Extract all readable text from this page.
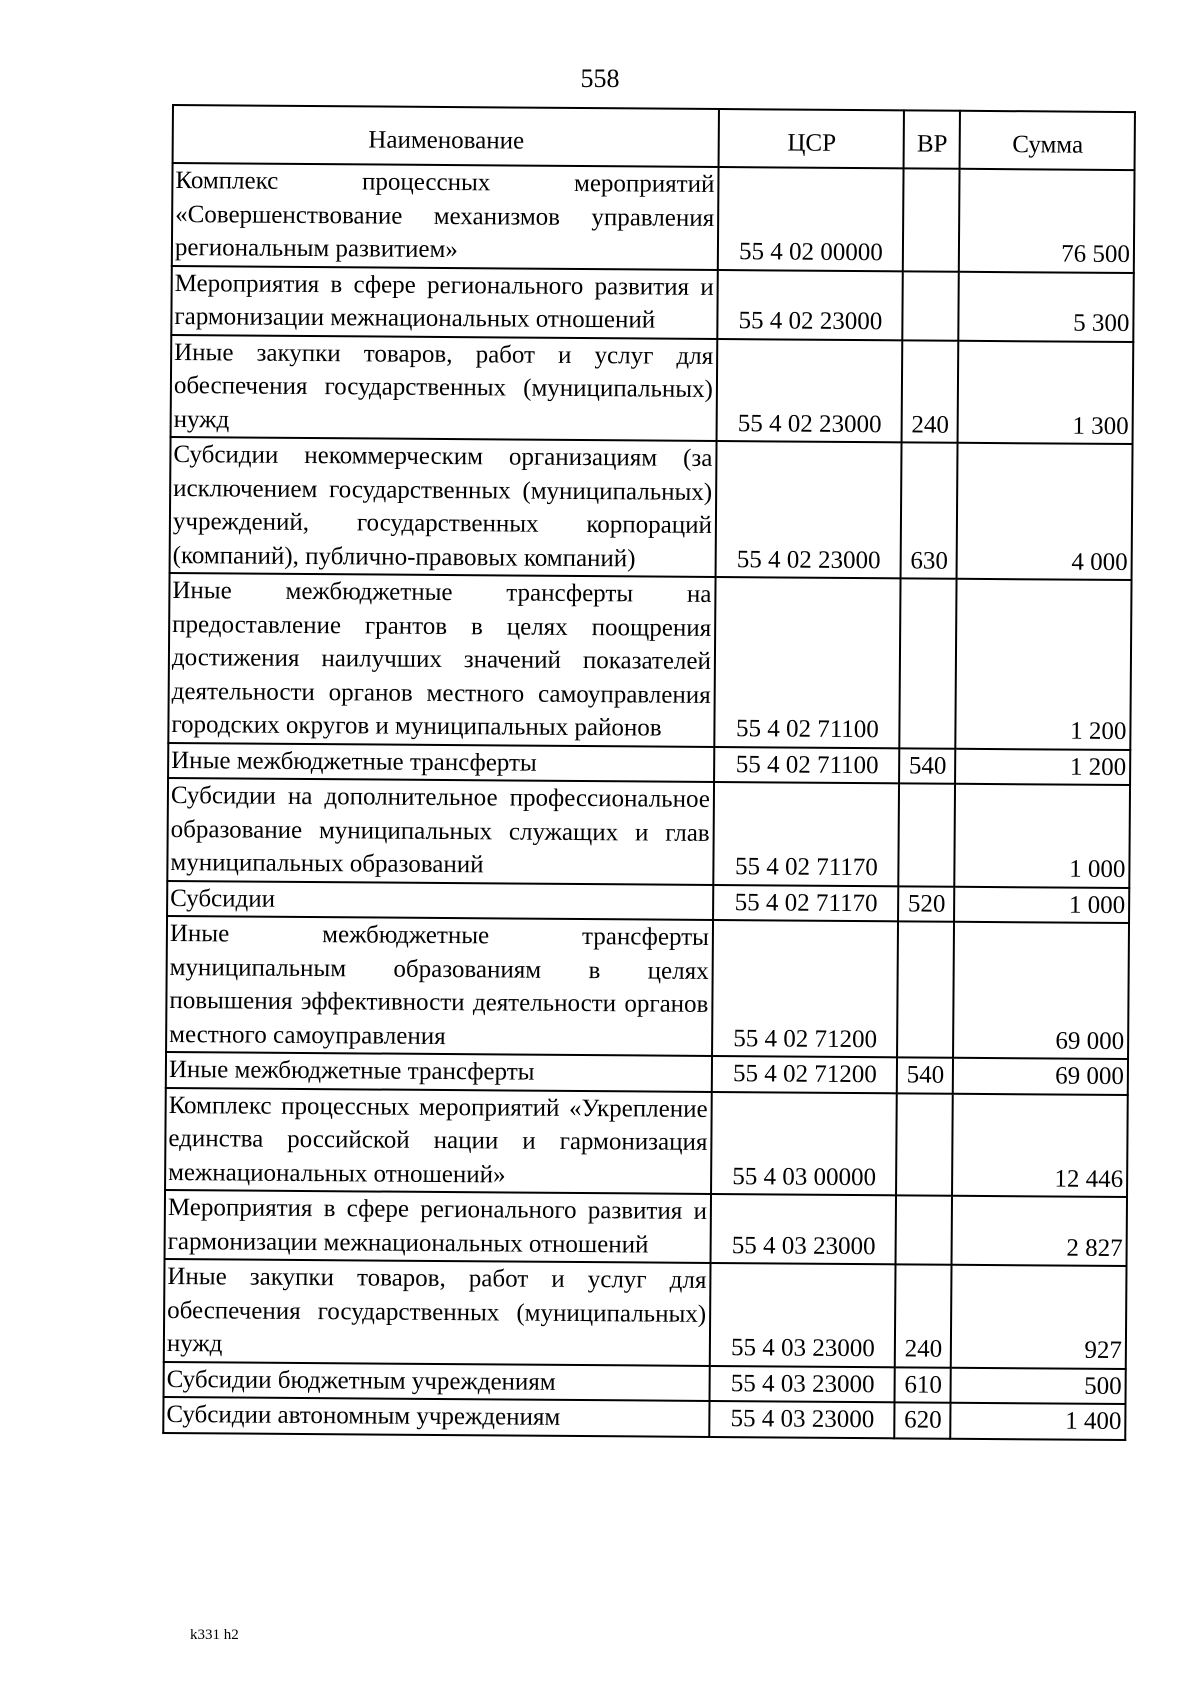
558
Наименование	ЦСР	ВР	Сумма
Комплекс процессных мероприятий «Совершенствование механизмов управления региональным развитием»	55 4 02 00000		76 500
Мероприятия в сфере регионального развития и гармонизации межнациональных отношений	55 4 02 23000		5 300
Иные закупки товаров, работ и услуг для обеспечения государственных (муниципальных) нужд	55 4 02 23000	240	1 300
Субсидии некоммерческим организациям (за исключением государственных (муниципальных) учреждений, государственных корпораций (компаний), публично-правовых компаний)	55 4 02 23000	630	4 000
Иные межбюджетные трансферты на предоставление грантов в целях поощрения достижения наилучших значений показателей деятельности органов местного самоуправления городских округов и муниципальных районов	55 4 02 71100		1 200
Иные межбюджетные трансферты	55 4 02 71100	540	1 200
Субсидии на дополнительное профессиональное образование муниципальных служащих и глав муниципальных образований	55 4 02 71170		1 000
Субсидии	55 4 02 71170	520	1 000
Иные межбюджетные трансферты муниципальным образованиям в целях повышения эффективности деятельности органов местного самоуправления	55 4 02 71200		69 000
Иные межбюджетные трансферты	55 4 02 71200	540	69 000
Комплекс процессных мероприятий «Укрепление единства российской нации и гармонизация межнациональных отношений»	55 4 03 00000		12 446
Мероприятия в сфере регионального развития и гармонизации межнациональных отношений	55 4 03 23000		2 827
Иные закупки товаров, работ и услуг для обеспечения государственных (муниципальных) нужд	55 4 03 23000	240	927
Субсидии бюджетным учреждениям	55 4 03 23000	610	500
Субсидии автономным учреждениям	55 4 03 23000	620	1 400
k331 h2
